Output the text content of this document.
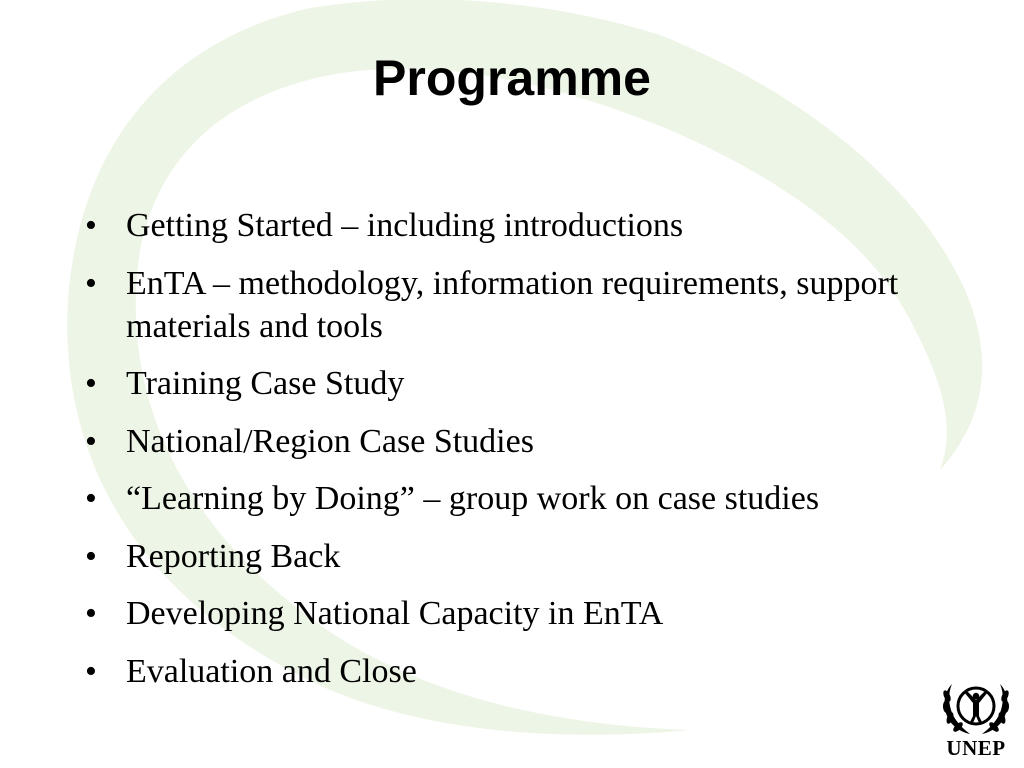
Programme
• Getting Started – including introductions
• EnTA – methodology, information requirements, support materials and tools
• Training Case Study
• National/Region Case Studies
• “Learning by Doing” – group work on case studies
• Reporting Back
• Developing National Capacity in EnTA
• Evaluation and Close
UNEP
